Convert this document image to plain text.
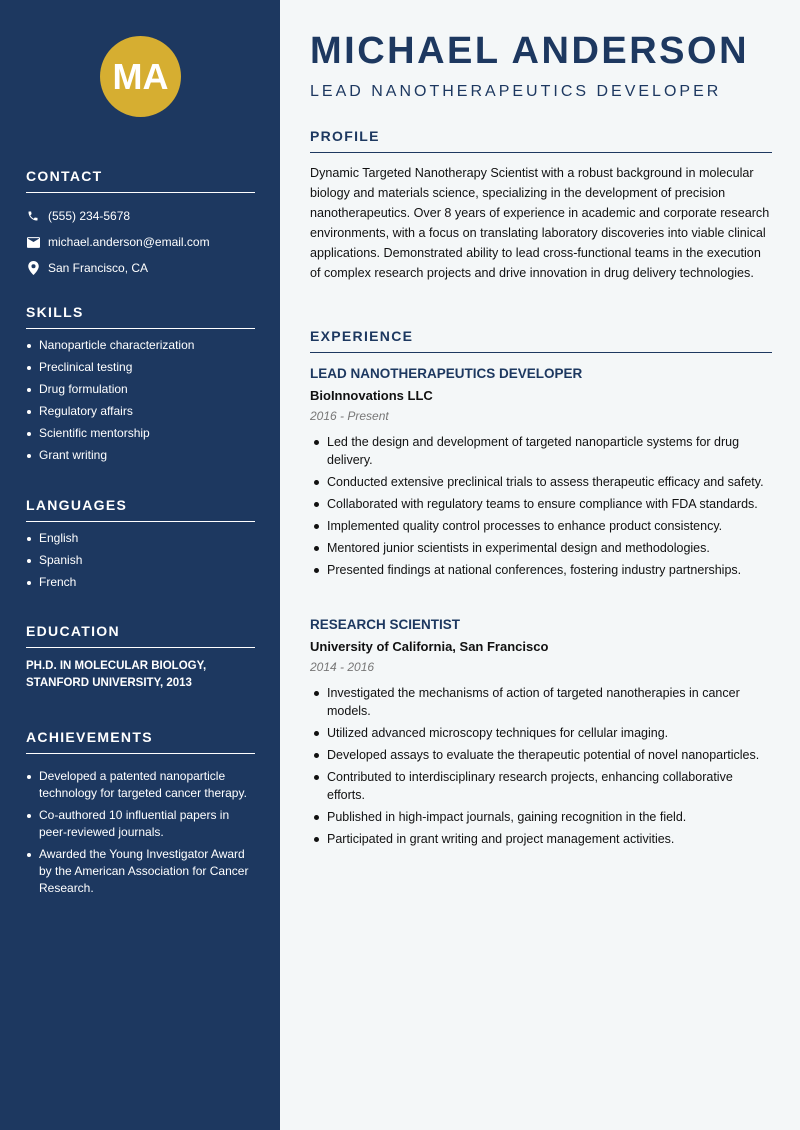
MA
CONTACT
(555) 234-5678
michael.anderson@email.com
San Francisco, CA
SKILLS
Nanoparticle characterization
Preclinical testing
Drug formulation
Regulatory affairs
Scientific mentorship
Grant writing
LANGUAGES
English
Spanish
French
EDUCATION
PH.D. IN MOLECULAR BIOLOGY, STANFORD UNIVERSITY, 2013
ACHIEVEMENTS
Developed a patented nanoparticle technology for targeted cancer therapy.
Co-authored 10 influential papers in peer-reviewed journals.
Awarded the Young Investigator Award by the American Association for Cancer Research.
MICHAEL ANDERSON
LEAD NANOTHERAPEUTICS DEVELOPER
PROFILE

Dynamic Targeted Nanotherapy Scientist with a robust background in molecular biology and materials science, specializing in the development of precision nanotherapeutics. Over 8 years of experience in academic and corporate research environments, with a focus on translating laboratory discoveries into viable clinical applications. Demonstrated ability to lead cross-functional teams in the execution of complex research projects and drive innovation in drug delivery technologies.

EXPERIENCE
LEAD NANOTHERAPEUTICS DEVELOPER
BioInnovations LLC
2016 - Present
Led the design and development of targeted nanoparticle systems for drug delivery.
Conducted extensive preclinical trials to assess therapeutic efficacy and safety.
Collaborated with regulatory teams to ensure compliance with FDA standards.
Implemented quality control processes to enhance product consistency.
Mentored junior scientists in experimental design and methodologies.
Presented findings at national conferences, fostering industry partnerships.
RESEARCH SCIENTIST
University of California, San Francisco
2014 - 2016
Investigated the mechanisms of action of targeted nanotherapies in cancer models.
Utilized advanced microscopy techniques for cellular imaging.
Developed assays to evaluate the therapeutic potential of novel nanoparticles.
Contributed to interdisciplinary research projects, enhancing collaborative efforts.
Published in high-impact journals, gaining recognition in the field.
Participated in grant writing and project management activities.
